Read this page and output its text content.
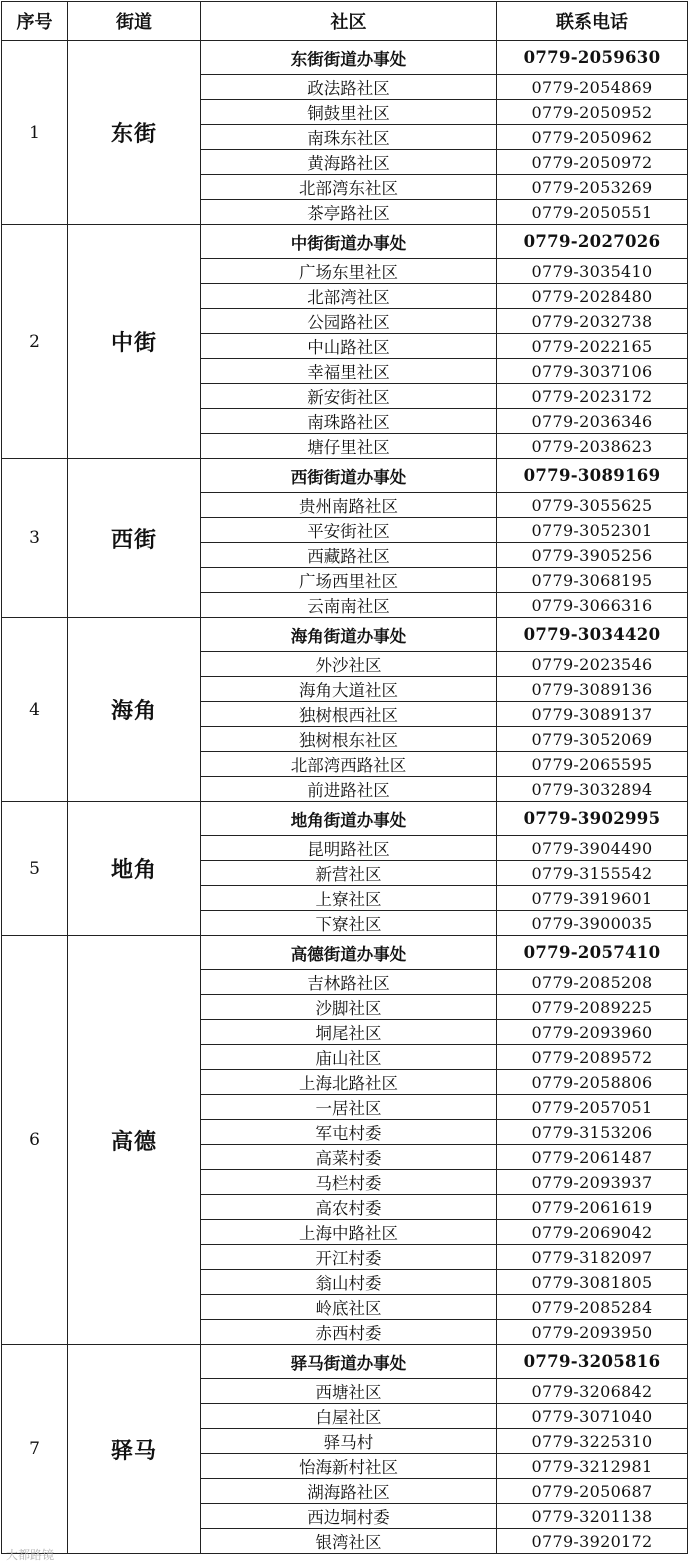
序号	街道	社区	联系电话
1	东街	东街街道办事处	0779-2059630
		政法路社区	0779-2054869
		铜鼓里社区	0779-2050952
		南珠东社区	0779-2050962
		黄海路社区	0779-2050972
		北部湾东社区	0779-2053269
		茶亭路社区	0779-2050551
2	中街	中街街道办事处	0779-2027026
		广场东里社区	0779-3035410
		北部湾社区	0779-2028480
		公园路社区	0779-2032738
		中山路社区	0779-2022165
		幸福里社区	0779-3037106
		新安街社区	0779-2023172
		南珠路社区	0779-2036346
		塘仔里社区	0779-2038623
3	西街	西街街道办事处	0779-3089169
		贵州南路社区	0779-3055625
		平安街社区	0779-3052301
		西藏路社区	0779-3905256
		广场西里社区	0779-3068195
		云南南社区	0779-3066316
4	海角	海角街道办事处	0779-3034420
		外沙社区	0779-2023546
		海角大道社区	0779-3089136
		独树根西社区	0779-3089137
		独树根东社区	0779-3052069
		北部湾西路社区	0779-2065595
		前进路社区	0779-3032894
5	地角	地角街道办事处	0779-3902995
		昆明路社区	0779-3904490
		新营社区	0779-3155542
		上寮社区	0779-3919601
		下寮社区	0779-3900035
6	高德	高德街道办事处	0779-2057410
		吉林路社区	0779-2085208
		沙脚社区	0779-2089225
		垌尾社区	0779-2093960
		庙山社区	0779-2089572
		上海北路社区	0779-2058806
		一居社区	0779-2057051
		军屯村委	0779-3153206
		高菜村委	0779-2061487
		马栏村委	0779-2093937
		高农村委	0779-2061619
		上海中路社区	0779-2069042
		开江村委	0779-3182097
		翁山村委	0779-3081805
		岭底社区	0779-2085284
		赤西村委	0779-2093950
7	驿马	驿马街道办事处	0779-3205816
		西塘社区	0779-3206842
		白屋社区	0779-3071040
		驿马村	0779-3225310
		怡海新村社区	0779-3212981
		湖海路社区	0779-2050687
		西边垌村委	0779-3201138
		银湾社区	0779-3920172
大都路镜
